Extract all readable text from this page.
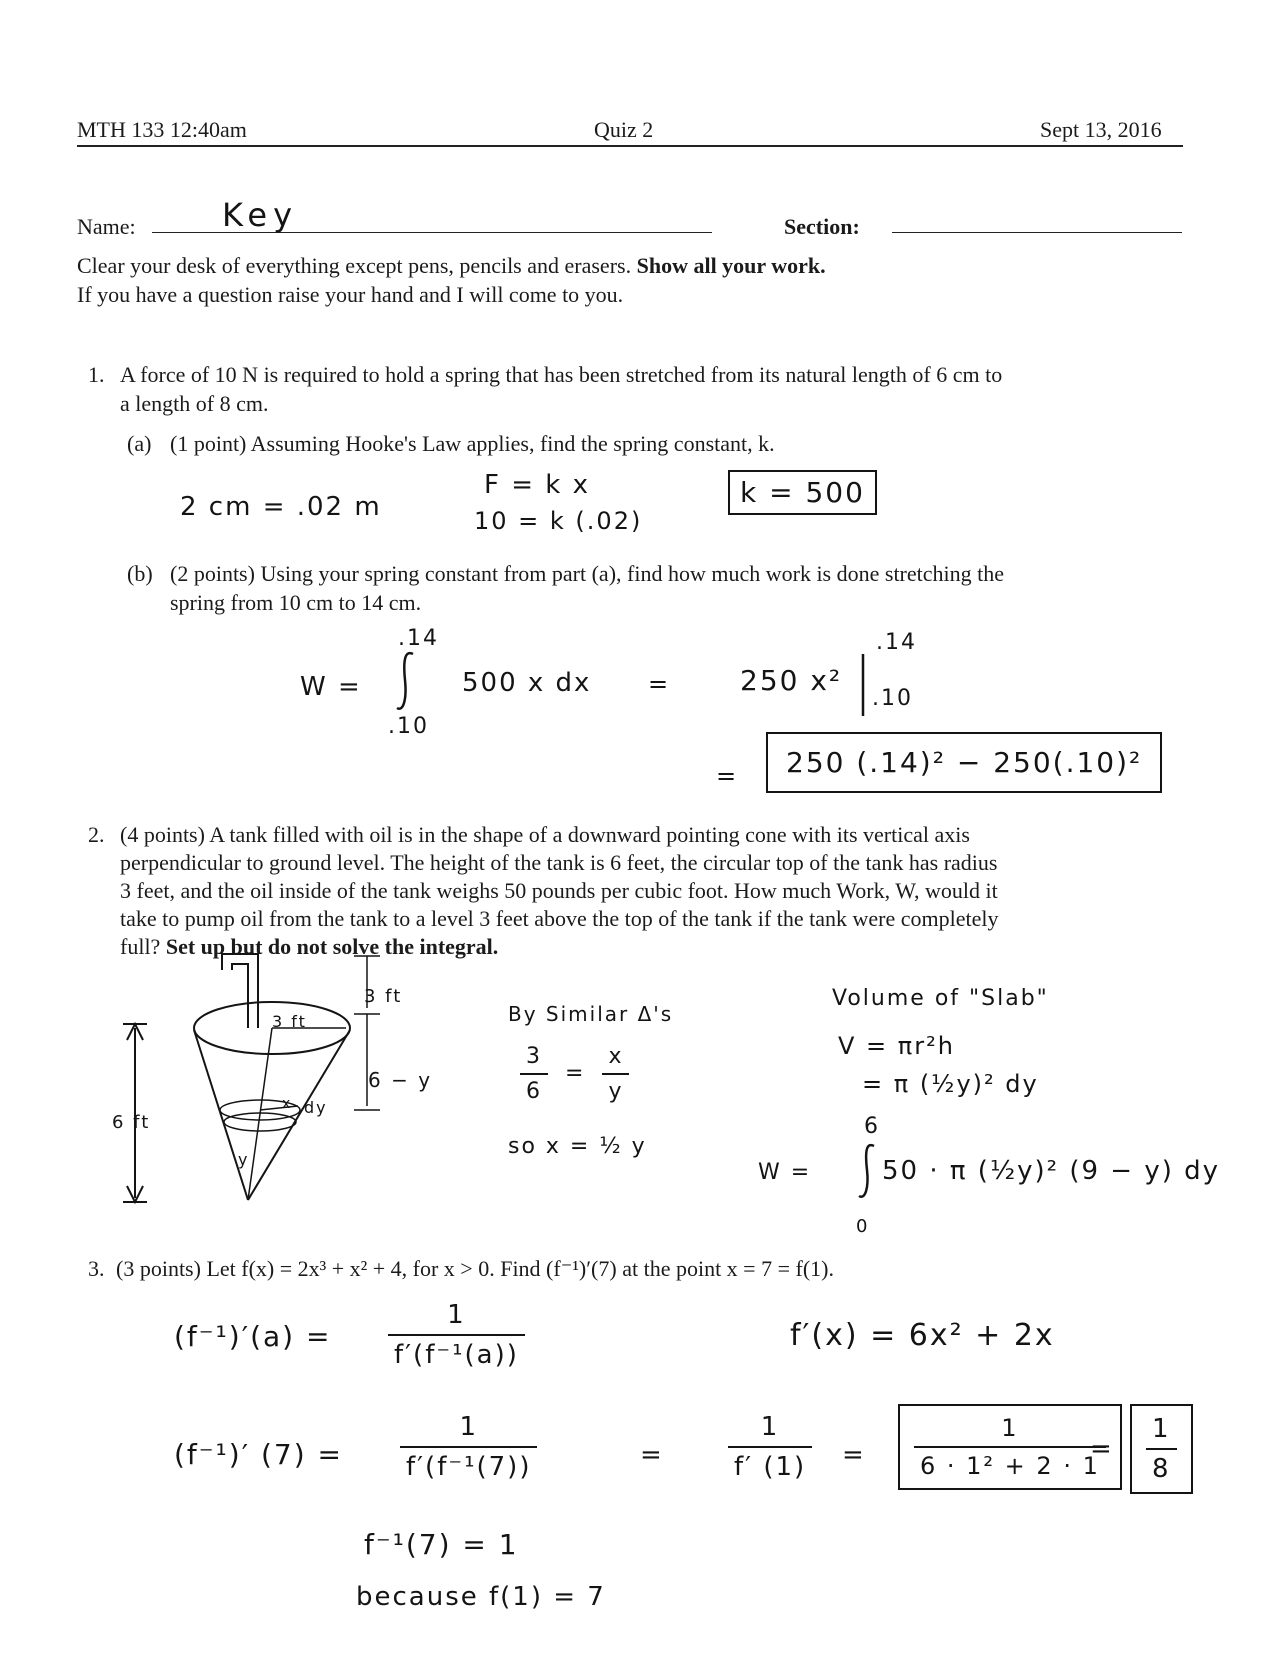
MTH 133 12:40am	Quiz 2	Sept 13, 2016
Name:	Key	Section:
Clear your desk of everything except pens, pencils and erasers. Show all your work.
If you have a question raise your hand and I will come to you.
1. A force of 10 N is required to hold a spring that has been stretched from its natural length of 6 cm to
a length of 8 cm.
(a) (1 point) Assuming Hooke's Law applies, find the spring constant, k.
2 cm = .02 m
F = k x
10 = k (.02)
k = 500
(b) (2 points) Using your spring constant from part (a), find how much work is done stretching the
spring from 10 cm to 14 cm.
W =
.14
.10
500 x dx = 250 x²
.14
.10
=	250 (.14)² − 250(.10)²
2. (4 points) A tank filled with oil is in the shape of a downward pointing cone with its vertical axis
perpendicular to ground level. The height of the tank is 6 feet, the circular top of the tank has radius
3 feet, and the oil inside of the tank weighs 50 pounds per cubic foot. How much Work, W, would it
take to pump oil from the tank to a level 3 feet above the top of the tank if the tank were completely
full? Set up but do not solve the integral.
6 ft
3 ft
3 ft
6 − y
dy
y
x
By Similar Δ's
$\frac{3}{6} = \frac{x}{y}$
so x = ½ y
Volume of "Slab"
V = πr²h
= π (½y)² dy
W =
6
0
50 · π (½y)² (9 − y) dy
3. (3 points) Let f(x) = 2x³ + x² + 4, for x > 0. Find (f⁻¹)′(7) at the point x = 7 = f(1).
$(f^{-1})'(a) = \frac{1}{\text{f′(f⁻¹(a))}}$	f′(x) = 6x² + 2x
(f⁻¹)′ $(7) = \frac{1}{\text{f′(f⁻¹(7))}}$	= $\frac{1}{f' (1)} = \frac{1}{\text{6 · 1² + 2 · 1}}$
= $\frac{1}{8}$
f⁻¹(7) = 1
because f(1) = 7
